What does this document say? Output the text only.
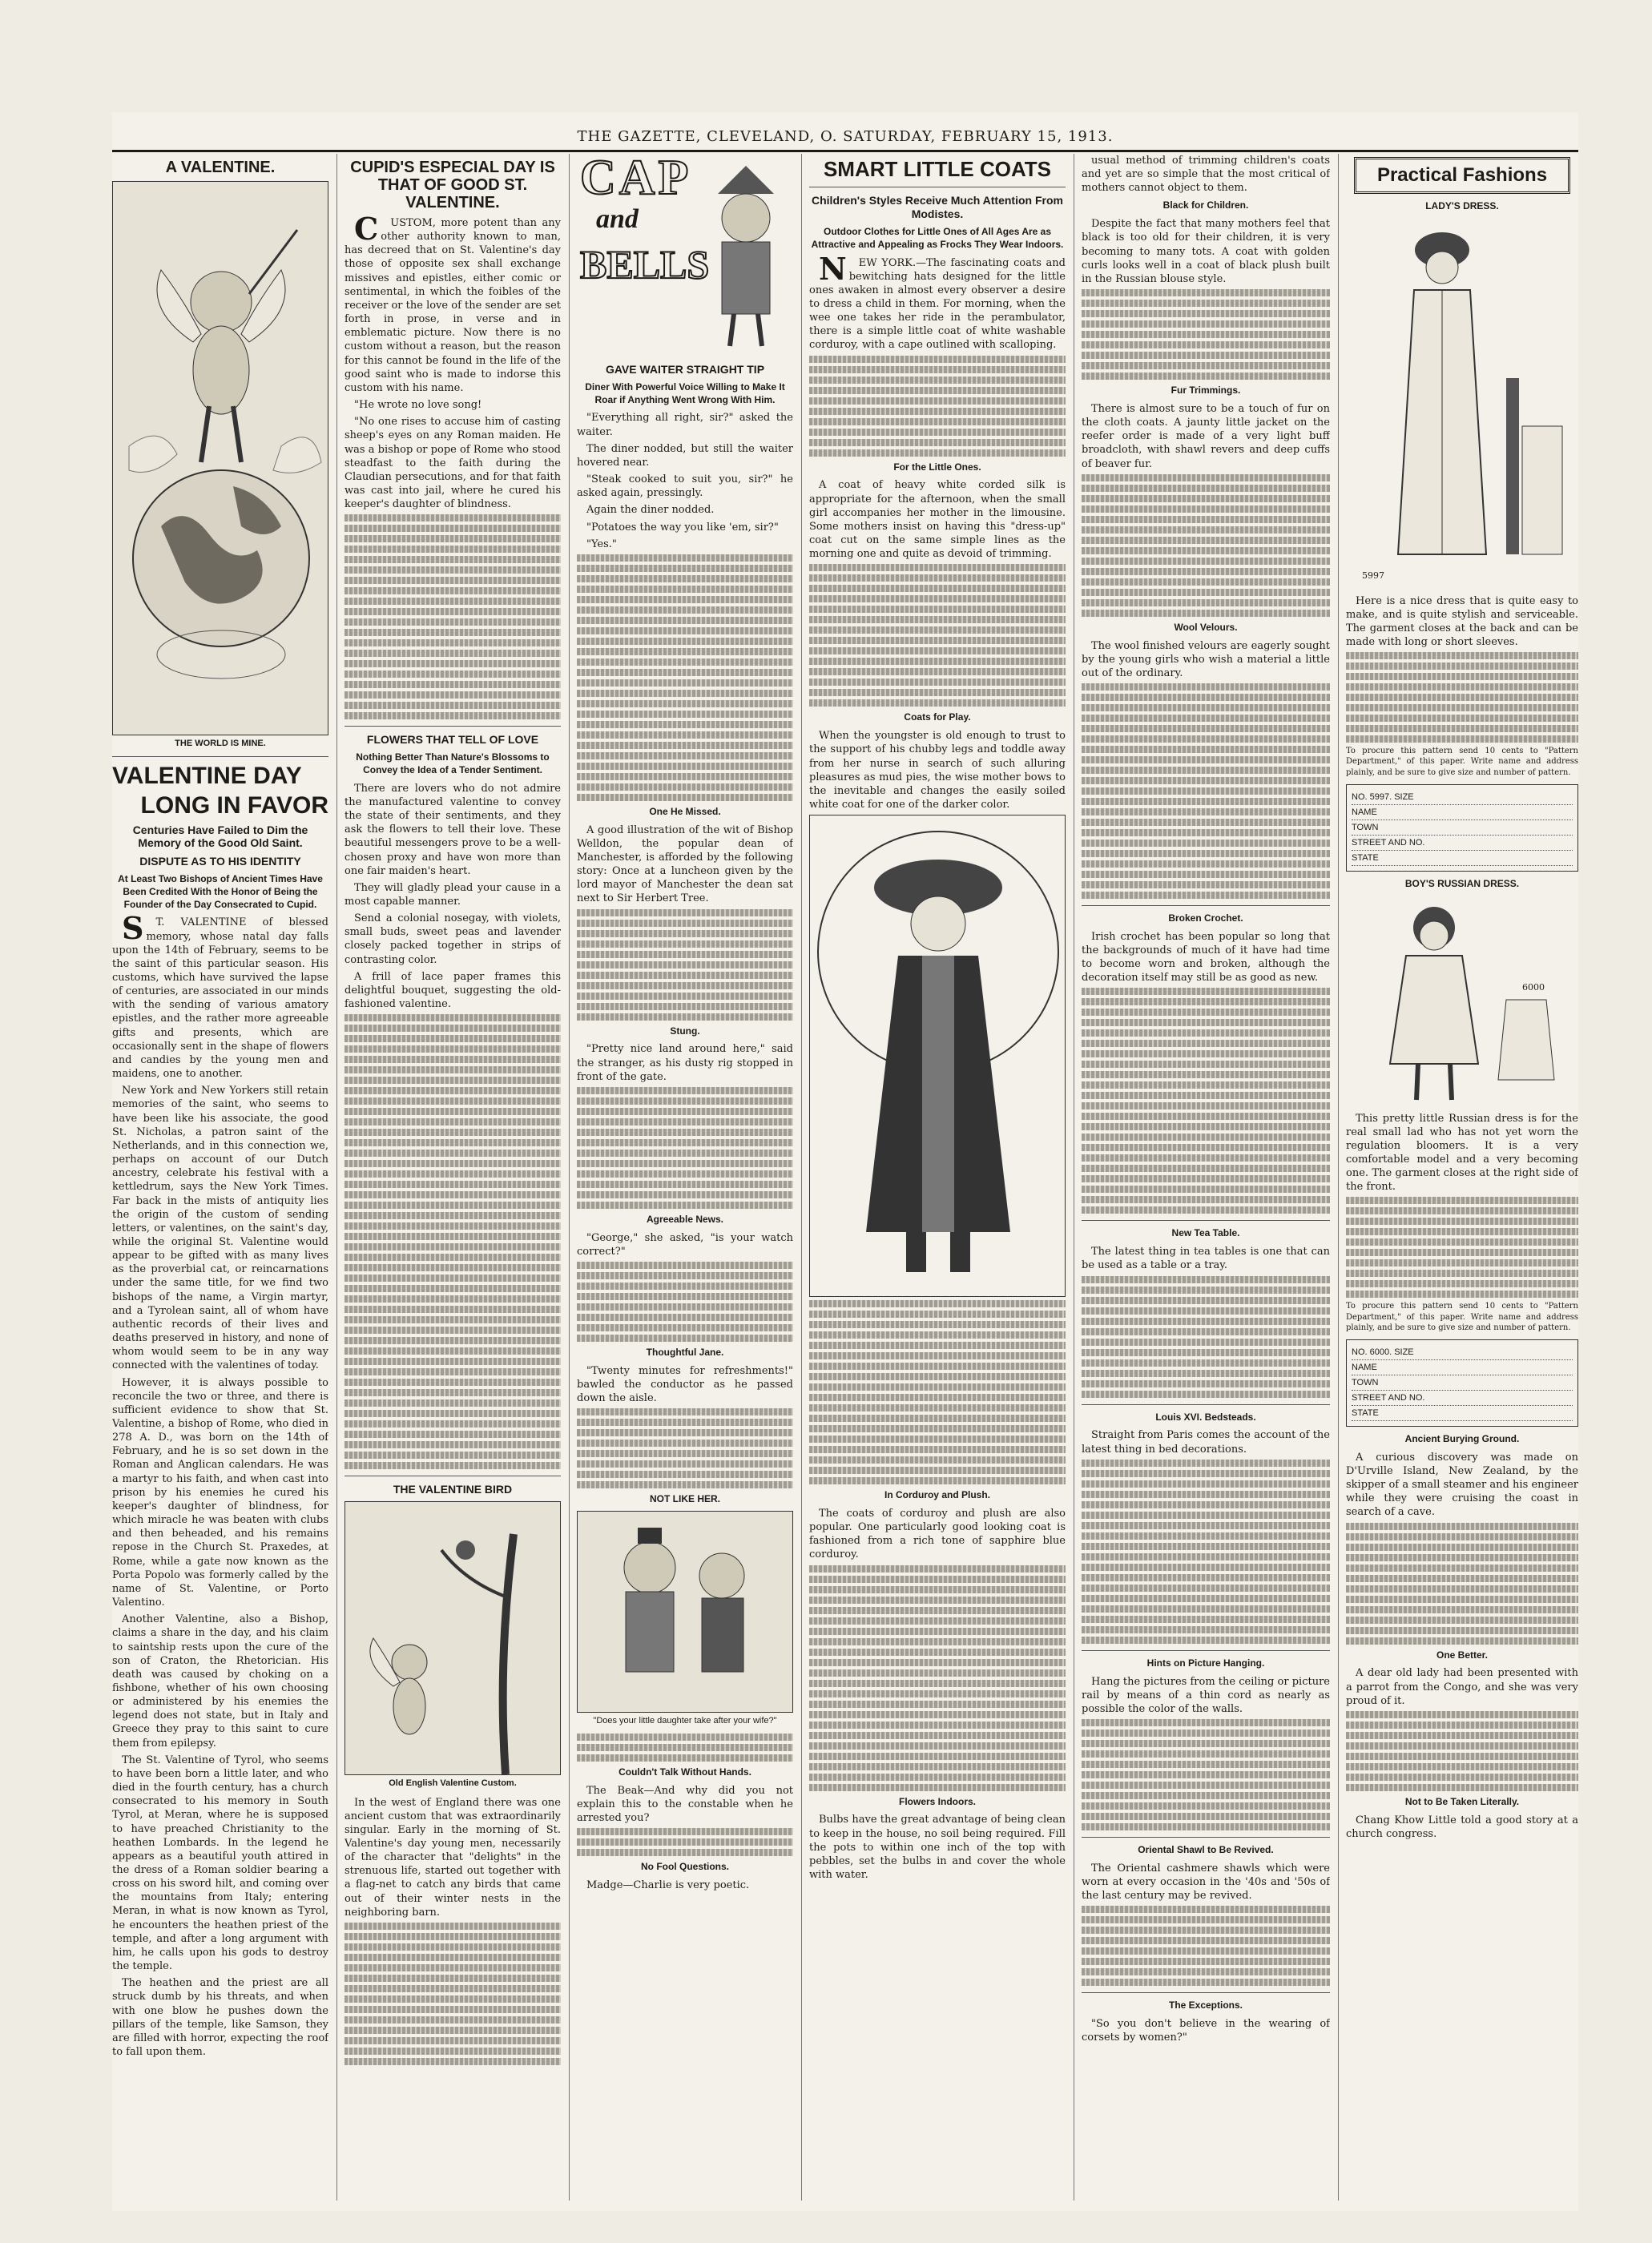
THE GAZETTE, CLEVELAND, O. SATURDAY, FEBRUARY 15, 1913.
A VALENTINE.
THE WORLD IS MINE.
VALENTINE DAY
LONG IN FAVOR
Centuries Have Failed to Dim the Memory of the Good Old Saint.
DISPUTE AS TO HIS IDENTITY
At Least Two Bishops of Ancient Times Have Been Credited With the Honor of Being the Founder of the Day Consecrated to Cupid.

S T. VALENTINE of blessed memory, whose natal day falls upon the 14th of February, seems to be the saint of this particular season. His customs, which have survived the lapse of centuries, are associated in our minds with the sending of various amatory epistles, and the rather more agreeable gifts and presents, which are occasionally sent in the shape of flowers and candies by the young men and maidens, one to another.

New York and New Yorkers still retain memories of the saint, who seems to have been like his associate, the good St. Nicholas, a patron saint of the Netherlands, and in this connection we, perhaps on account of our Dutch ancestry, celebrate his festival with a kettledrum, says the New York Times. Far back in the mists of antiquity lies the origin of the custom of sending letters, or valentines, on the saint's day, while the original St. Valentine would appear to be gifted with as many lives as the proverbial cat, or reincarnations under the same title, for we find two bishops of the name, a Virgin martyr, and a Tyrolean saint, all of whom have authentic records of their lives and deaths preserved in history, and none of whom would seem to be in any way connected with the valentines of today.

However, it is always possible to reconcile the two or three, and there is sufficient evidence to show that St. Valentine, a bishop of Rome, who died in 278 A. D., was born on the 14th of February, and he is so set down in the Roman and Anglican calendars. He was a martyr to his faith, and when cast into prison by his enemies he cured his keeper's daughter of blindness, for which miracle he was beaten with clubs and then beheaded, and his remains repose in the Church St. Praxedes, at Rome, while a gate now known as the Porta Popolo was formerly called by the name of St. Valentine, or Porto Valentino.

Another Valentine, also a Bishop, claims a share in the day, and his claim to saintship rests upon the cure of the son of Craton, the Rhetorician. His death was caused by choking on a fishbone, whether of his own choosing or administered by his enemies the legend does not state, but in Italy and Greece they pray to this saint to cure them from epilepsy.

The St. Valentine of Tyrol, who seems to have been born a little later, and who died in the fourth century, has a church consecrated to his memory in South Tyrol, at Meran, where he is supposed to have preached Christianity to the heathen Lombards. In the legend he appears as a beautiful youth attired in the dress of a Roman soldier bearing a cross on his sword hilt, and coming over the mountains from Italy; entering Meran, in what is now known as Tyrol, he encounters the heathen priest of the temple, and after a long argument with him, he calls upon his gods to destroy the temple.

The heathen and the priest are all struck dumb by his threats, and when with one blow he pushes down the pillars of the temple, like Samson, they are filled with horror, expecting the roof to fall upon them.

CUPID'S ESPECIAL DAY IS THAT OF GOOD ST. VALENTINE.

C USTOM, more potent than any other authority known to man, has decreed that on St. Valentine's day those of opposite sex shall exchange missives and epistles, either comic or sentimental, in which the foibles of the receiver or the love of the sender are set forth in prose, in verse and in emblematic picture. Now there is no custom without a reason, but the reason for this cannot be found in the life of the good saint who is made to indorse this custom with his name.

"He wrote no love song!

"No one rises to accuse him of casting sheep's eyes on any Roman maiden. He was a bishop or pope of Rome who stood steadfast to the faith during the Claudian persecutions, and for that faith was cast into jail, where he cured his keeper's daughter of blindness.

FLOWERS THAT TELL OF LOVE
Nothing Better Than Nature's Blossoms to Convey the Idea of a Tender Sentiment.

There are lovers who do not admire the manufactured valentine to convey the state of their sentiments, and they ask the flowers to tell their love. These beautiful messengers prove to be a well-chosen proxy and have won more than one fair maiden's heart.

They will gladly plead your cause in a most capable manner.

Send a colonial nosegay, with violets, small buds, sweet peas and lavender closely packed together in strips of contrasting color.

A frill of lace paper frames this delightful bouquet, suggesting the old-fashioned valentine.

THE VALENTINE BIRD
Old English Valentine Custom.

In the west of England there was one ancient custom that was extraordinarily singular. Early in the morning of St. Valentine's day young men, necessarily of the character that "delights" in the strenuous life, started out together with a flag-net to catch any birds that came out of their winter nests in the neighboring barn.

CAP
and
BELLS
GAVE WAITER STRAIGHT TIP
Diner With Powerful Voice Willing to Make It Roar if Anything Went Wrong With Him.

"Everything all right, sir?" asked the waiter.

The diner nodded, but still the waiter hovered near.

"Steak cooked to suit you, sir?" he asked again, pressingly.

Again the diner nodded.

"Potatoes the way you like 'em, sir?"

"Yes."

One He Missed.

A good illustration of the wit of Bishop Welldon, the popular dean of Manchester, is afforded by the following story: Once at a luncheon given by the lord mayor of Manchester the dean sat next to Sir Herbert Tree.

Stung.

"Pretty nice land around here," said the stranger, as his dusty rig stopped in front of the gate.

Agreeable News.

"George," she asked, "is your watch correct?"

Thoughtful Jane.

"Twenty minutes for refreshments!" bawled the conductor as he passed down the aisle.

NOT LIKE HER.
"Does your little daughter take after your wife?"
Couldn't Talk Without Hands.

The Beak—And why did you not explain this to the constable when he arrested you?

No Fool Questions.

Madge—Charlie is very poetic.

SMART LITTLE COATS
Children's Styles Receive Much Attention From Modistes.
Outdoor Clothes for Little Ones of All Ages Are as Attractive and Appealing as Frocks They Wear Indoors.

N EW YORK.—The fascinating coats and bewitching hats designed for the little ones awaken in almost every observer a desire to dress a child in them. For morning, when the wee one takes her ride in the perambulator, there is a simple little coat of white washable corduroy, with a cape outlined with scalloping.

For the Little Ones.

A coat of heavy white corded silk is appropriate for the afternoon, when the small girl accompanies her mother in the limousine. Some mothers insist on having this "dress-up" coat cut on the same simple lines as the morning one and quite as devoid of trimming.

Coats for Play.

When the youngster is old enough to trust to the support of his chubby legs and toddle away from her nurse in search of such alluring pleasures as mud pies, the wise mother bows to the inevitable and changes the easily soiled white coat for one of the darker color.

In Corduroy and Plush.

The coats of corduroy and plush are also popular. One particularly good looking coat is fashioned from a rich tone of sapphire blue corduroy.

Flowers Indoors.

Bulbs have the great advantage of being clean to keep in the house, no soil being required. Fill the pots to within one inch of the top with pebbles, set the bulbs in and cover the whole with water.

usual method of trimming children's coats and yet are so simple that the most critical of mothers cannot object to them.

Black for Children.

Despite the fact that many mothers feel that black is too old for their children, it is very becoming to many tots. A coat with golden curls looks well in a coat of black plush built in the Russian blouse style.

Fur Trimmings.

There is almost sure to be a touch of fur on the cloth coats. A jaunty little jacket on the reefer order is made of a very light buff broadcloth, with shawl revers and deep cuffs of beaver fur.

Wool Velours.

The wool finished velours are eagerly sought by the young girls who wish a material a little out of the ordinary.

Broken Crochet.

Irish crochet has been popular so long that the backgrounds of much of it have had time to become worn and broken, although the decoration itself may still be as good as new.

New Tea Table.

The latest thing in tea tables is one that can be used as a table or a tray.

Louis XVI. Bedsteads.

Straight from Paris comes the account of the latest thing in bed decorations.

Hints on Picture Hanging.

Hang the pictures from the ceiling or picture rail by means of a thin cord as nearly as possible the color of the walls.

Oriental Shawl to Be Revived.

The Oriental cashmere shawls which were worn at every occasion in the '40s and '50s of the last century may be revived.

The Exceptions.

"So you don't believe in the wearing of corsets by women?"

Practical Fashions
LADY'S DRESS.
5997

Here is a nice dress that is quite easy to make, and is quite stylish and serviceable. The garment closes at the back and can be made with long or short sleeves.

To procure this pattern send 10 cents to "Pattern Department," of this paper. Write name and address plainly, and be sure to give size and number of pattern.

NO. 5997. SIZE
NAME
TOWN
STREET AND NO.
STATE
BOY'S RUSSIAN DRESS.
6000

This pretty little Russian dress is for the real small lad who has not yet worn the regulation bloomers. It is a very comfortable model and a very becoming one. The garment closes at the right side of the front.

To procure this pattern send 10 cents to "Pattern Department," of this paper. Write name and address plainly, and be sure to give size and number of pattern.

NO. 6000. SIZE
NAME
TOWN
STREET AND NO.
STATE
Ancient Burying Ground.

A curious discovery was made on D'Urville Island, New Zealand, by the skipper of a small steamer and his engineer while they were cruising the coast in search of a cave.

One Better.

A dear old lady had been presented with a parrot from the Congo, and she was very proud of it.

Not to Be Taken Literally.

Chang Khow Little told a good story at a church congress.
